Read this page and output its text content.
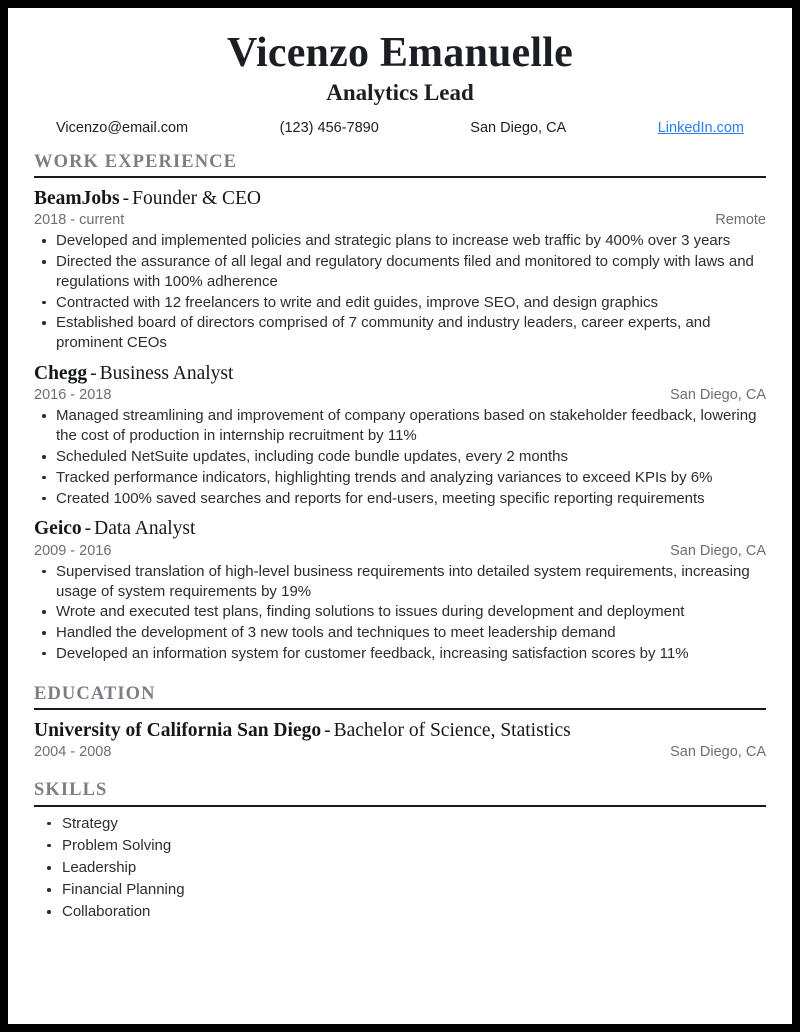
Vicenzo Emanuelle
Analytics Lead
Vicenzo@email.com	(123) 456-7890	San Diego, CA	LinkedIn.com
WORK EXPERIENCE
BeamJobs - Founder & CEO
2018 - current	Remote
Developed and implemented policies and strategic plans to increase web traffic by 400% over 3 years
Directed the assurance of all legal and regulatory documents filed and monitored to comply with laws and regulations with 100% adherence
Contracted with 12 freelancers to write and edit guides, improve SEO, and design graphics
Established board of directors comprised of 7 community and industry leaders, career experts, and prominent CEOs
Chegg - Business Analyst
2016 - 2018	San Diego, CA
Managed streamlining and improvement of company operations based on stakeholder feedback, lowering the cost of production in internship recruitment by 11%
Scheduled NetSuite updates, including code bundle updates, every 2 months
Tracked performance indicators, highlighting trends and analyzing variances to exceed KPIs by 6%
Created 100% saved searches and reports for end-users, meeting specific reporting requirements
Geico - Data Analyst
2009 - 2016	San Diego, CA
Supervised translation of high-level business requirements into detailed system requirements, increasing usage of system requirements by 19%
Wrote and executed test plans, finding solutions to issues during development and deployment
Handled the development of 3 new tools and techniques to meet leadership demand
Developed an information system for customer feedback, increasing satisfaction scores by 11%
EDUCATION
University of California San Diego - Bachelor of Science, Statistics
2004 - 2008	San Diego, CA
SKILLS
Strategy
Problem Solving
Leadership
Financial Planning
Collaboration
